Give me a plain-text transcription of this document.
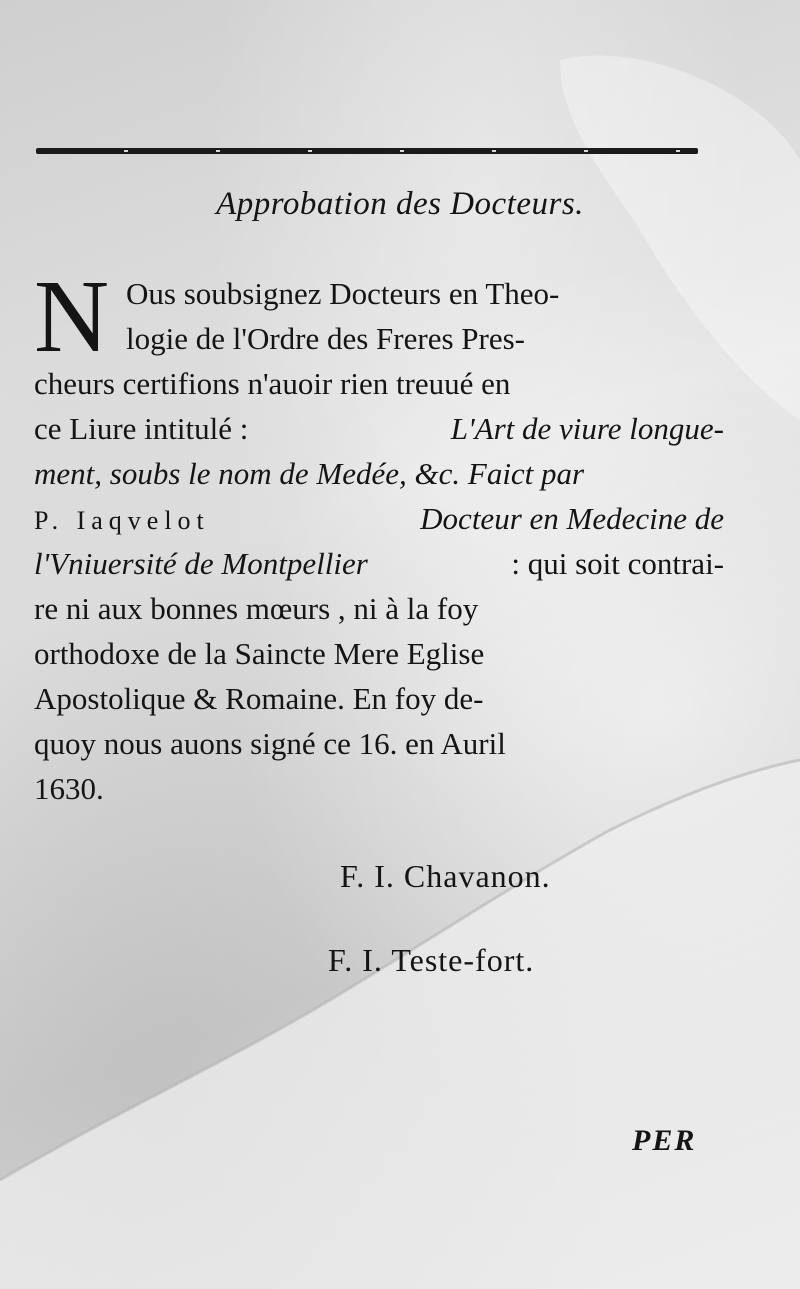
Approbation des Docteurs.
N Ous soubsignez Docteurs en Theo-
logie de l'Ordre des Freres Pres-
cheurs certifions n'auoir rien treuué en
ce Liure intitulé :	L'Art de viure longue-
ment, soubs le nom de Medée, &c. Faict par
P. Iaqvelot	Docteur en Medecine de
l'Vniuersité de Montpellier	: qui soit contrai-
re ni aux bonnes mœurs , ni à la foy
orthodoxe de la Saincte Mere Eglise
Apostolique & Romaine. En foy de-
quoy nous auons signé ce 16. en Auril
1630.
F. I. Chavanon.
F. I. Teste-fort.
PER
